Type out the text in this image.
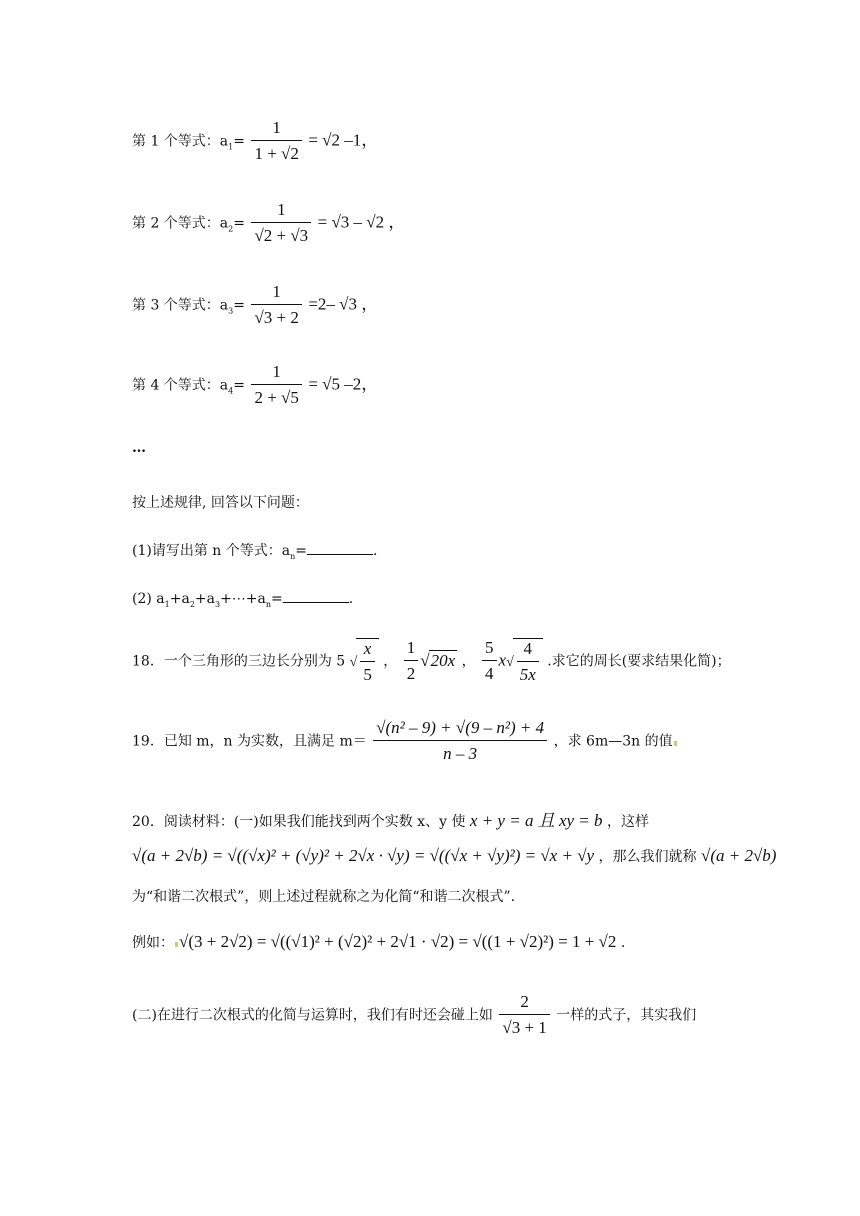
第 1 个等式：$a_1= \frac{1}{1 + √2} = √2$ –1，
第 2 个等式：$a_2= \frac{1}{√2 + √3} = √3 - √2$ ，
第 3 个等式：$a_3= \frac{1}{√3 + 2} =2-$ √3 ，
第 4 个等式：$a_4= \frac{1}{2 + √5} = √5$ –2，
…
按上述规律, 回答以下问题：
(1)请写出第 n 个等式：$a_n=$	.
(2) $a_1+a_2+a_3+\cdots+a_n=$	.
18．一个三角形的三边长分别为 5 √ $\frac{x}{5}$ ， $\frac{1}{2} √20x$ ， $\frac{5}{4} x√ \frac{4}{5x}$ .求它的周长(要求结果化简)；
19．已知 m，n 为实数，且满足 $m= \frac{\text{√(n² – 9) + √(9 – n²) + 4}}{n - 3}$ ，求 6m—3n 的值
20．阅读材料：(一)如果我们能找到两个实数 x、y 使 x + y = a 且 xy = b ，这样
√(a + 2√b) = √((√x)² + (√y)² + 2√x · √y) = √((√x + √y)²) = √x + √y ，那么我们就称 √(a + 2√b)
为“和谐二次根式”，则上述过程就称之为化简“和谐二次根式”.
例如： √(3 + 2√2) = √((√1)² + (√2)² + 2√1 · √2) = √((1 + √2)²) = 1 + √2 .
(二)在进行二次根式的化简与运算时，我们有时还会碰上如 $\frac{2}{√3 + 1}$ 一样的式子，其实我们
